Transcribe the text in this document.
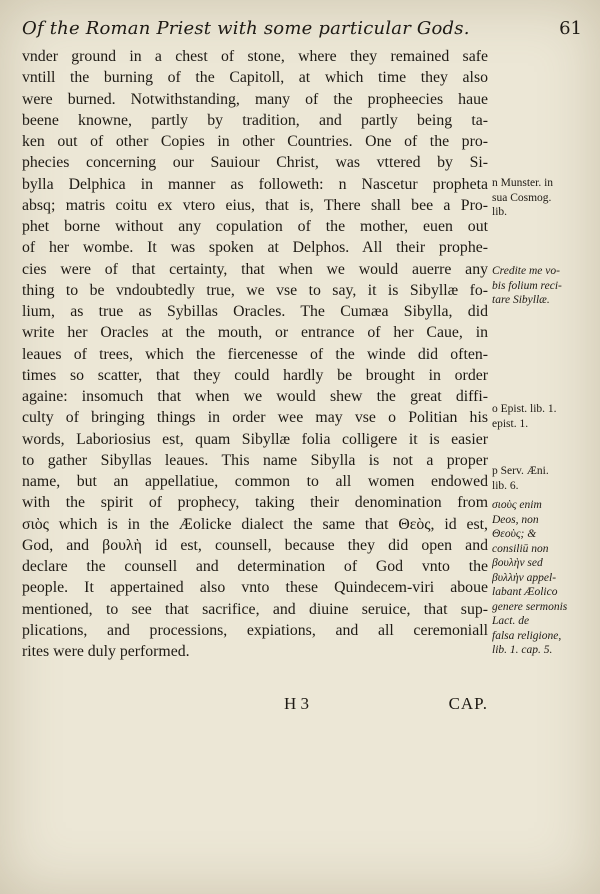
Of the Roman Priest with some particular Gods.	61
vnder ground in a chest of stone, where they remained safe
vntill the burning of the Capitoll, at which time they also
were burned. Notwithstanding, many of the propheecies haue
beene knowne, partly by tradition, and partly being ta-
ken out of other Copies in other Countries. One of the pro-
phecies concerning our Sauiour Christ, was vttered by Si-
bylla Delphica in manner as followeth: n Nascetur propheta
absq; matris coitu ex vtero eius, that is, There shall bee a Pro-
phet borne without any copulation of the mother, euen out
of her wombe. It was spoken at Delphos. All their prophe-
cies were of that certainty, that when we would auerre any
thing to be vndoubtedly true, we vse to say, it is Sibyllæ fo-
lium, as true as Sybillas Oracles. The Cumæa Sibylla, did
write her Oracles at the mouth, or entrance of her Caue, in
leaues of trees, which the fiercenesse of the winde did often-
times so scatter, that they could hardly be brought in order
againe: insomuch that when we would shew the great diffi-
culty of bringing things in order wee may vse o Politian his
words, Laboriosius est, quam Sibyllæ folia colligere it is easier
to gather Sibyllas leaues. This name Sibylla is not a proper
name, but an appellatiue, common to all women endowed
with the spirit of prophecy, taking their denomination from
σιὸς which is in the Æolicke dialect the same that Θεὸς, id est,
God, and βουλὴ id est, counsell, because they did open and
declare the counsell and determination of God vnto the
people. It appertained also vnto these Quindecem-viri aboue
mentioned, to see that sacrifice, and diuine seruice, that sup-
plications, and processions, expiations, and all ceremoniall
rites were duly performed.
n Munster. in
sua Cosmog.
lib.
Credite me vo-
bis folium reci-
tare Sibyllæ.
o Epist. lib. 1.
epist. 1.
p Serv. Æni.
lib. 6.
σιοὺς enim
Deos, non
Θεοὺς; &
consiliū non
βουλὴν sed
βυλλὴν appel-
labant Æolico
genere sermonis
Lact. de
falsa religione,
lib. 1. cap. 5.
H 3	CAP.
